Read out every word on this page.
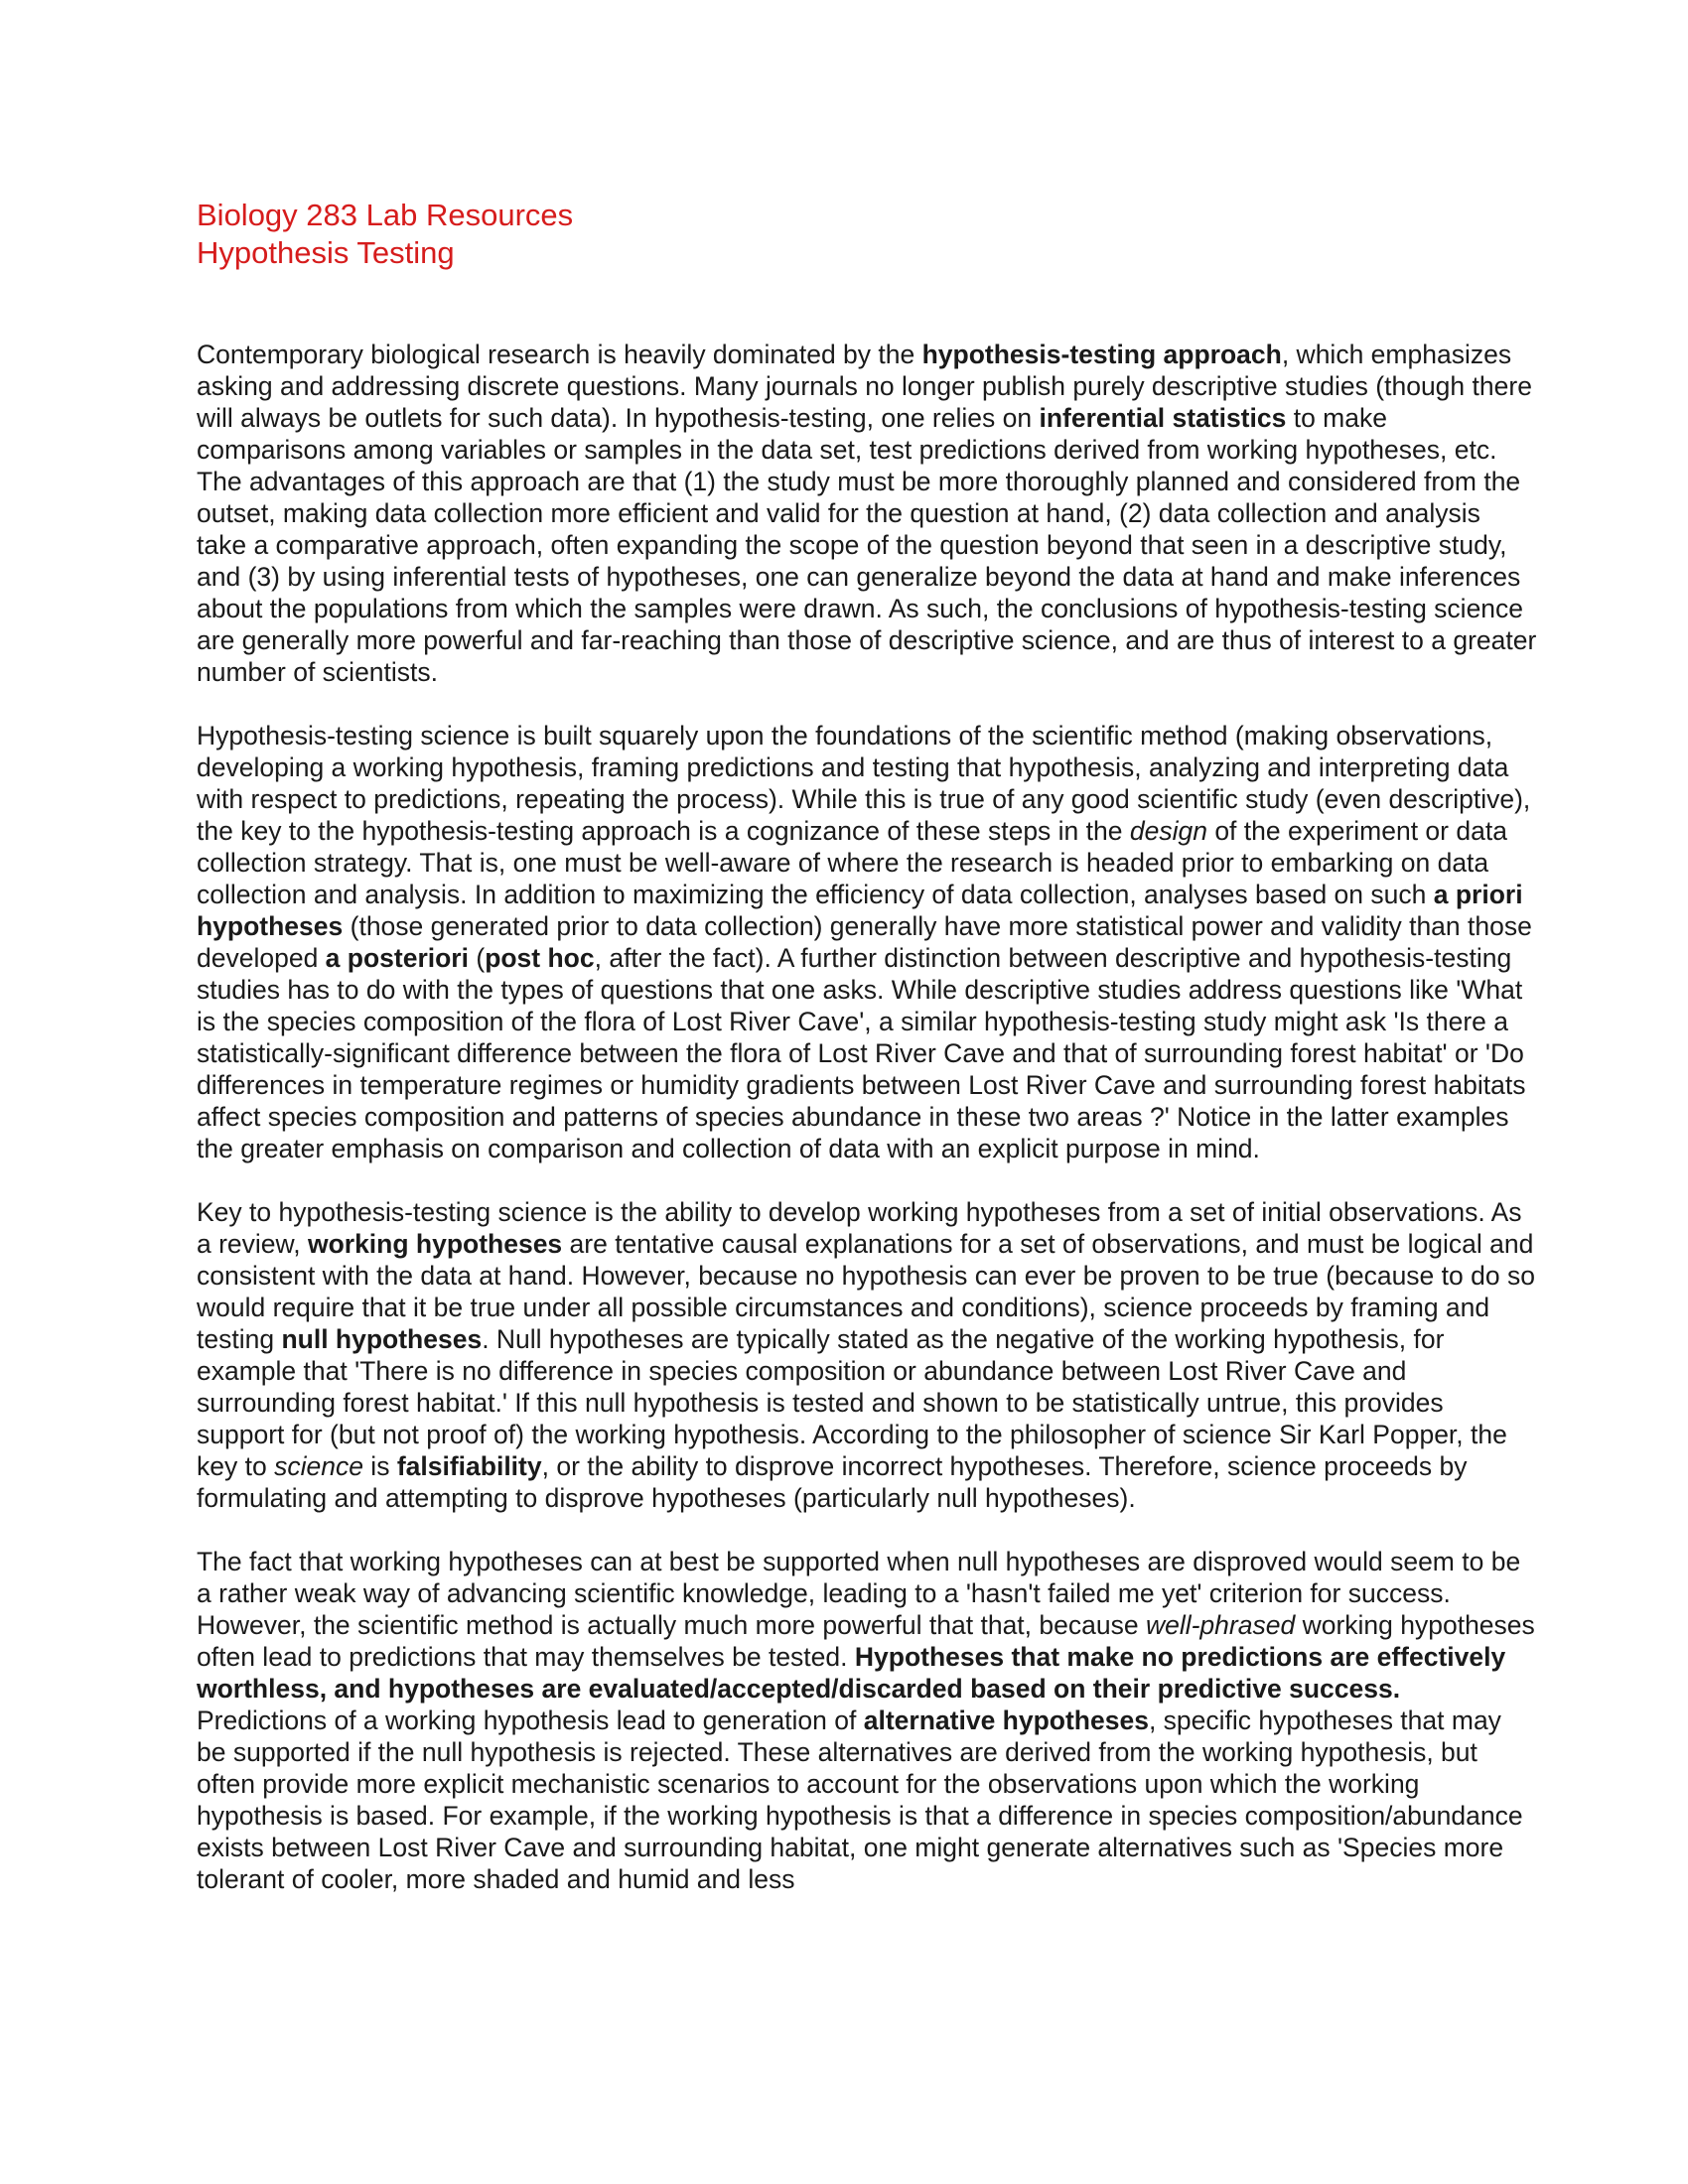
Biology 283 Lab Resources
Hypothesis Testing

Contemporary biological research is heavily dominated by the hypothesis-testing approach, which emphasizes asking and addressing discrete questions. Many journals no longer publish purely descriptive studies (though there will always be outlets for such data). In hypothesis-testing, one relies on inferential statistics to make comparisons among variables or samples in the data set, test predictions derived from working hypotheses, etc. The advantages of this approach are that (1) the study must be more thoroughly planned and considered from the outset, making data collection more efficient and valid for the question at hand, (2) data collection and analysis take a comparative approach, often expanding the scope of the question beyond that seen in a descriptive study, and (3) by using inferential tests of hypotheses, one can generalize beyond the data at hand and make inferences about the populations from which the samples were drawn. As such, the conclusions of hypothesis-testing science are generally more powerful and far-reaching than those of descriptive science, and are thus of interest to a greater number of scientists.

Hypothesis-testing science is built squarely upon the foundations of the scientific method (making observations, developing a working hypothesis, framing predictions and testing that hypothesis, analyzing and interpreting data with respect to predictions, repeating the process). While this is true of any good scientific study (even descriptive), the key to the hypothesis-testing approach is a cognizance of these steps in the design of the experiment or data collection strategy. That is, one must be well-aware of where the research is headed prior to embarking on data collection and analysis. In addition to maximizing the efficiency of data collection, analyses based on such a priori hypotheses (those generated prior to data collection) generally have more statistical power and validity than those developed a posteriori (post hoc, after the fact). A further distinction between descriptive and hypothesis-testing studies has to do with the types of questions that one asks. While descriptive studies address questions like 'What is the species composition of the flora of Lost River Cave', a similar hypothesis-testing study might ask 'Is there a statistically-significant difference between the flora of Lost River Cave and that of surrounding forest habitat' or 'Do differences in temperature regimes or humidity gradients between Lost River Cave and surrounding forest habitats affect species composition and patterns of species abundance in these two areas ?' Notice in the latter examples the greater emphasis on comparison and collection of data with an explicit purpose in mind.

Key to hypothesis-testing science is the ability to develop working hypotheses from a set of initial observations. As a review, working hypotheses are tentative causal explanations for a set of observations, and must be logical and consistent with the data at hand. However, because no hypothesis can ever be proven to be true (because to do so would require that it be true under all possible circumstances and conditions), science proceeds by framing and testing null hypotheses. Null hypotheses are typically stated as the negative of the working hypothesis, for example that 'There is no difference in species composition or abundance between Lost River Cave and surrounding forest habitat.' If this null hypothesis is tested and shown to be statistically untrue, this provides support for (but not proof of) the working hypothesis. According to the philosopher of science Sir Karl Popper, the key to science is falsifiability, or the ability to disprove incorrect hypotheses. Therefore, science proceeds by formulating and attempting to disprove hypotheses (particularly null hypotheses).

The fact that working hypotheses can at best be supported when null hypotheses are disproved would seem to be a rather weak way of advancing scientific knowledge, leading to a 'hasn't failed me yet' criterion for success. However, the scientific method is actually much more powerful that that, because well-phrased working hypotheses often lead to predictions that may themselves be tested. Hypotheses that make no predictions are effectively worthless, and hypotheses are evaluated/accepted/discarded based on their predictive success. Predictions of a working hypothesis lead to generation of alternative hypotheses, specific hypotheses that may be supported if the null hypothesis is rejected. These alternatives are derived from the working hypothesis, but often provide more explicit mechanistic scenarios to account for the observations upon which the working hypothesis is based. For example, if the working hypothesis is that a difference in species composition/abundance exists between Lost River Cave and surrounding habitat, one might generate alternatives such as 'Species more tolerant of cooler, more shaded and humid and less
